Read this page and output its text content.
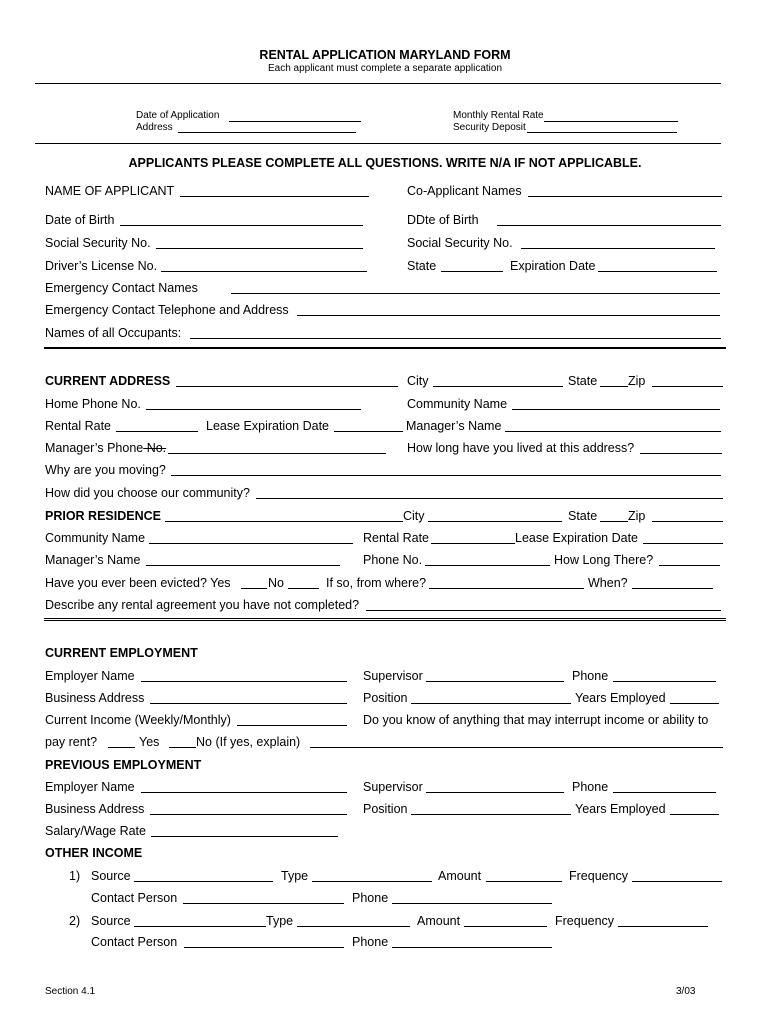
RENTAL APPLICATION MARYLAND FORM
Each applicant must complete a separate application
Date of Application
Address
Monthly Rental Rate
Security Deposit
APPLICANTS PLEASE COMPLETE ALL QUESTIONS. WRITE N/A IF NOT APPLICABLE.
NAME OF APPLICANT	Co-Applicant Names
Date of Birth	DDte of Birth
Social Security No.	Social Security No.
Driver’s License No.	State	Expiration Date
Emergency Contact Names
Emergency Contact Telephone and Address
Names of all Occupants:
CURRENT ADDRESS	City	State Zip
Home Phone No.	Community Name
Rental Rate	Lease Expiration Date	Manager’s Name
Manager’s Phone No.	How long have you lived at this address?
Why are you moving?
How did you choose our community?
PRIOR RESIDENCE	City	State Zip
Community Name	Rental Rate	Lease Expiration Date
Manager’s Name	Phone No.	How Long There?
Have you ever been evicted? Yes	No	If so, from where?	When?
Describe any rental agreement you have not completed?
CURRENT EMPLOYMENT
Employer Name	Supervisor	Phone
Business Address	Position	Years Employed
Current Income (Weekly/Monthly)	Do you know of anything that may interrupt income or ability to
pay rent?	Yes	No (If yes, explain)
PREVIOUS EMPLOYMENT
Employer Name	Supervisor	Phone
Business Address	Position	Years Employed
Salary/Wage Rate
OTHER INCOME
1) Source	Type	Amount	Frequency
Contact Person	Phone
2) Source	Type	Amount	Frequency
Contact Person	Phone
Section 4.1	3/03
